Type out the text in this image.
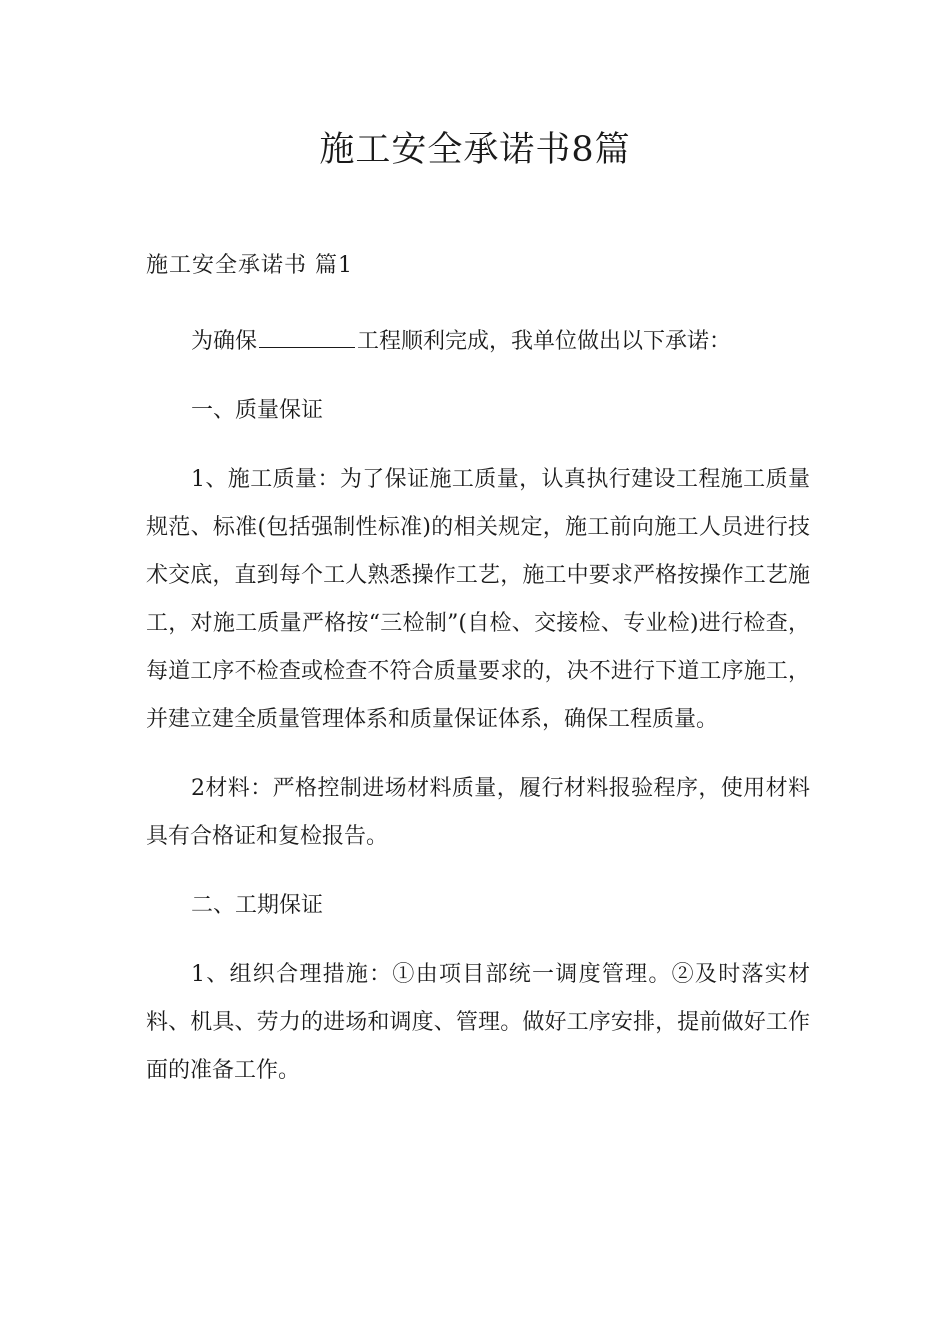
施工安全承诺书8篇
施工安全承诺书 篇1

为确保	工程顺利完成，我单位做出以下承诺：

一、质量保证

1、施工质量：为了保证施工质量，认真执行建设工程施工质量规范、标准(包括强制性标准)的相关规定，施工前向施工人员进行技术交底，直到每个工人熟悉操作工艺，施工中要求严格按操作工艺施工，对施工质量严格按“三检制”(自检、交接检、专业检)进行检查，每道工序不检查或检查不符合质量要求的，决不进行下道工序施工，并建立建全质量管理体系和质量保证体系，确保工程质量。

2材料：严格控制进场材料质量，履行材料报验程序，使用材料具有合格证和复检报告。

二、工期保证

1、组织合理措施：①由项目部统一调度管理。②及时落实材料、机具、劳力的进场和调度、管理。做好工序安排，提前做好工作面的准备工作。
